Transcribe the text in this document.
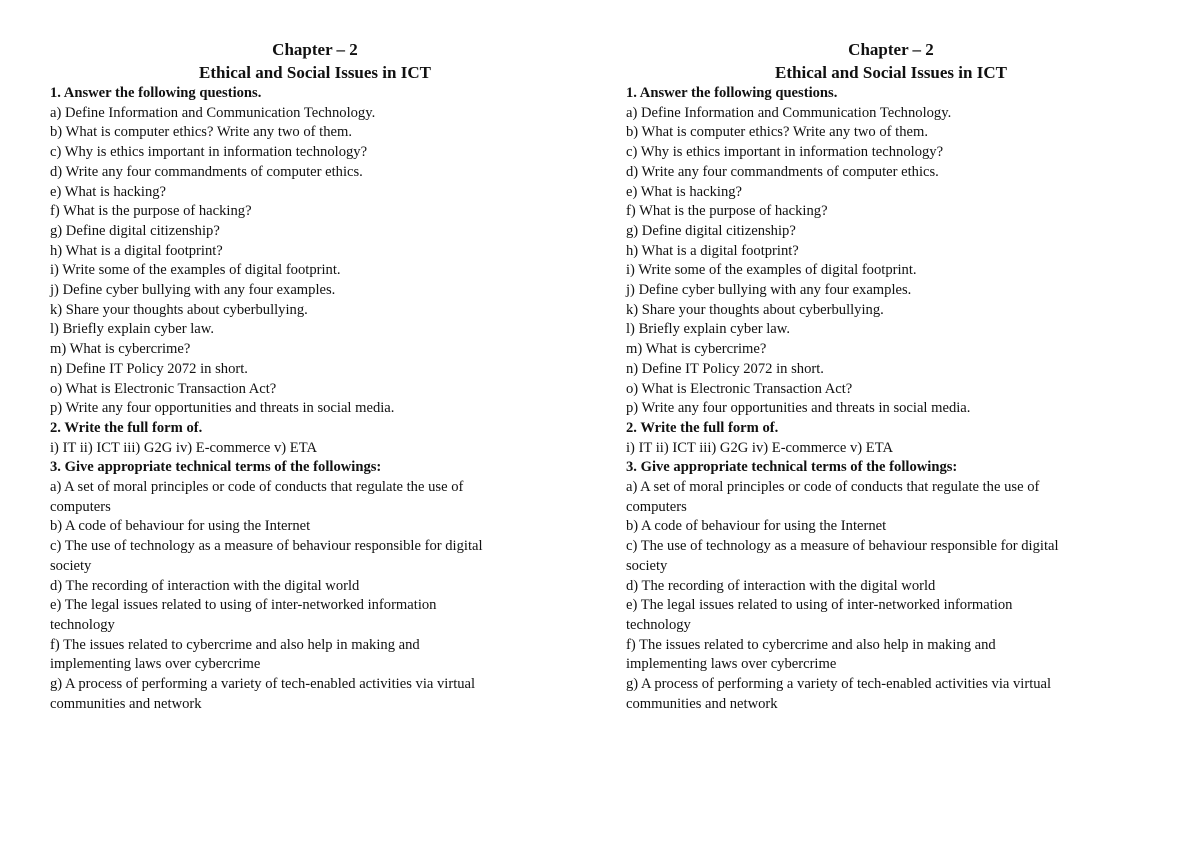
Chapter – 2
Ethical and Social Issues in ICT
1. Answer the following questions.
a) Define Information and Communication Technology.
b) What is computer ethics? Write any two of them.
c) Why is ethics important in information technology?
d) Write any four commandments of computer ethics.
e) What is hacking?
f) What is the purpose of hacking?
g) Define digital citizenship?
h) What is a digital footprint?
i) Write some of the examples of digital footprint.
j) Define cyber bullying with any four examples.
k) Share your thoughts about cyberbullying.
l) Briefly explain cyber law.
m) What is cybercrime?
n) Define IT Policy 2072 in short.
o) What is Electronic Transaction Act?
p) Write any four opportunities and threats in social media.
2. Write the full form of.
i) IT ii) ICT iii) G2G iv) E-commerce v) ETA
3. Give appropriate technical terms of the followings:
a) A set of moral principles or code of conducts that regulate the use of
computers
b) A code of behaviour for using the Internet
c) The use of technology as a measure of behaviour responsible for digital
society
d) The recording of interaction with the digital world
e) The legal issues related to using of inter-networked information
technology
f) The issues related to cybercrime and also help in making and
implementing laws over cybercrime
g) A process of performing a variety of tech-enabled activities via virtual
communities and network
Chapter – 2
Ethical and Social Issues in ICT
1. Answer the following questions.
a) Define Information and Communication Technology.
b) What is computer ethics? Write any two of them.
c) Why is ethics important in information technology?
d) Write any four commandments of computer ethics.
e) What is hacking?
f) What is the purpose of hacking?
g) Define digital citizenship?
h) What is a digital footprint?
i) Write some of the examples of digital footprint.
j) Define cyber bullying with any four examples.
k) Share your thoughts about cyberbullying.
l) Briefly explain cyber law.
m) What is cybercrime?
n) Define IT Policy 2072 in short.
o) What is Electronic Transaction Act?
p) Write any four opportunities and threats in social media.
2. Write the full form of.
i) IT ii) ICT iii) G2G iv) E-commerce v) ETA
3. Give appropriate technical terms of the followings:
a) A set of moral principles or code of conducts that regulate the use of
computers
b) A code of behaviour for using the Internet
c) The use of technology as a measure of behaviour responsible for digital
society
d) The recording of interaction with the digital world
e) The legal issues related to using of inter-networked information
technology
f) The issues related to cybercrime and also help in making and
implementing laws over cybercrime
g) A process of performing a variety of tech-enabled activities via virtual
communities and network
